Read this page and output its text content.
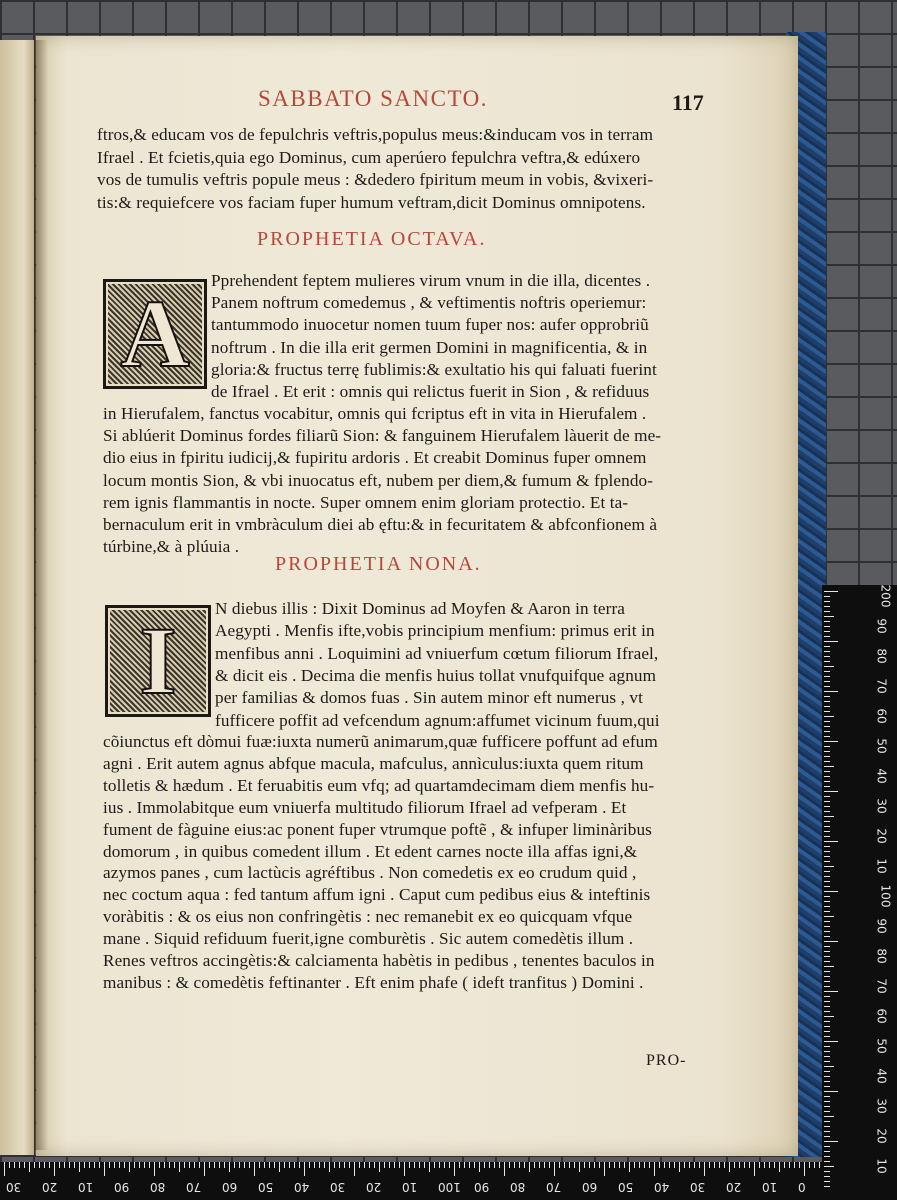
SABBATO SANCTO.	117
ftros,& educam vos de fepulchris veftris,populus meus:&inducam vos in terram
Ifrael . Et fcietis,quia ego Dominus, cum aperúero fepulchra veftra,& edúxero
vos de tumulis veftris popule meus : &dedero fpiritum meum in vobis, &vixeri-
tis:& requiefcere vos faciam fuper humum veftram,dicit Dominus omnipotens.
PROPHETIA OCTAVA.
A Pprehendent feptem mulieres virum vnum in die illa, dicentes .
Panem noftrum comedemus , & veftimentis noftris operiemur:
tantummodo inuocetur nomen tuum fuper nos: aufer opprobriũ
noftrum . In die illa erit germen Domini in magnificentia, & in
gloria:& fructus terrę fublimis:& exultatio his qui faluati fuerint
de Ifrael . Et erit : omnis qui relictus fuerit in Sion , & refiduus
in Hierufalem, fanctus vocabitur, omnis qui fcriptus eft in vita in Hierufalem .
Si ablúerit Dominus fordes filiarũ Sion: & fanguinem Hierufalem làuerit de me-
dio eius in fpiritu iudicij,& fupiritu ardoris . Et creabit Dominus fuper omnem
locum montis Sion, & vbi inuocatus eft, nubem per diem,& fumum & fplendo-
rem ignis flammantis in nocte. Super omnem enim gloriam protectio. Et ta-
bernaculum erit in vmbràculum diei ab ęftu:& in fecuritatem & abfconfionem à
túrbine,& à plúuia .
PROPHETIA NONA.
I N diebus illis : Dixit Dominus ad Moyfen & Aaron in terra
Aegypti . Menfis ifte,vobis principium menfium: primus erit in
menfibus anni . Loquimini ad vniuerfum cœtum filiorum Ifrael,
& dicit eis . Decima die menfis huius tollat vnufquifque agnum
per familias & domos fuas . Sin autem minor eft numerus , vt
fufficere poffit ad vefcendum agnum:affumet vicinum fuum,qui
cõiunctus eft dòmui fuæ:iuxta numerũ animarum,quæ fufficere poffunt ad efum
agni . Erit autem agnus abfque macula, mafculus, annìculus:iuxta quem ritum
tolletis & hædum . Et feruabitis eum vfq; ad quartamdecimam diem menfis hu-
ius . Immolabitque eum vniuerfa multitudo filiorum Ifrael ad vefperam . Et
fument de fàguine eius:ac ponent fuper vtrumque poftẽ , & infuper liminàribus
domorum , in quibus comedent illum . Et edent carnes nocte illa affas igni,&
azymos panes , cum lactùcis agréftibus . Non comedetis ex eo crudum quid ,
nec coctum aqua : fed tantum affum igni . Caput cum pedibus eius & inteftinis
voràbitis : & os eius non confringètis : nec remanebit ex eo quicquam vfque
mane . Siquid refiduum fuerit,igne comburètis . Sic autem comedètis illum .
Renes veftros accingètis:& calciamenta habètis in pedibus , tenentes baculos in
manibus : & comedètis feftinanter . Eft enim phafe ( ideft tranfitus ) Domini .
PRO-
200
90
80
70
60
50
40
30
20
10
100
90
80
70
60
50
40
30
20
10
30 20 10 90 80 70 60 50 40 30 20 10 100 90 80 70 60 50 40 30 20 10 0
